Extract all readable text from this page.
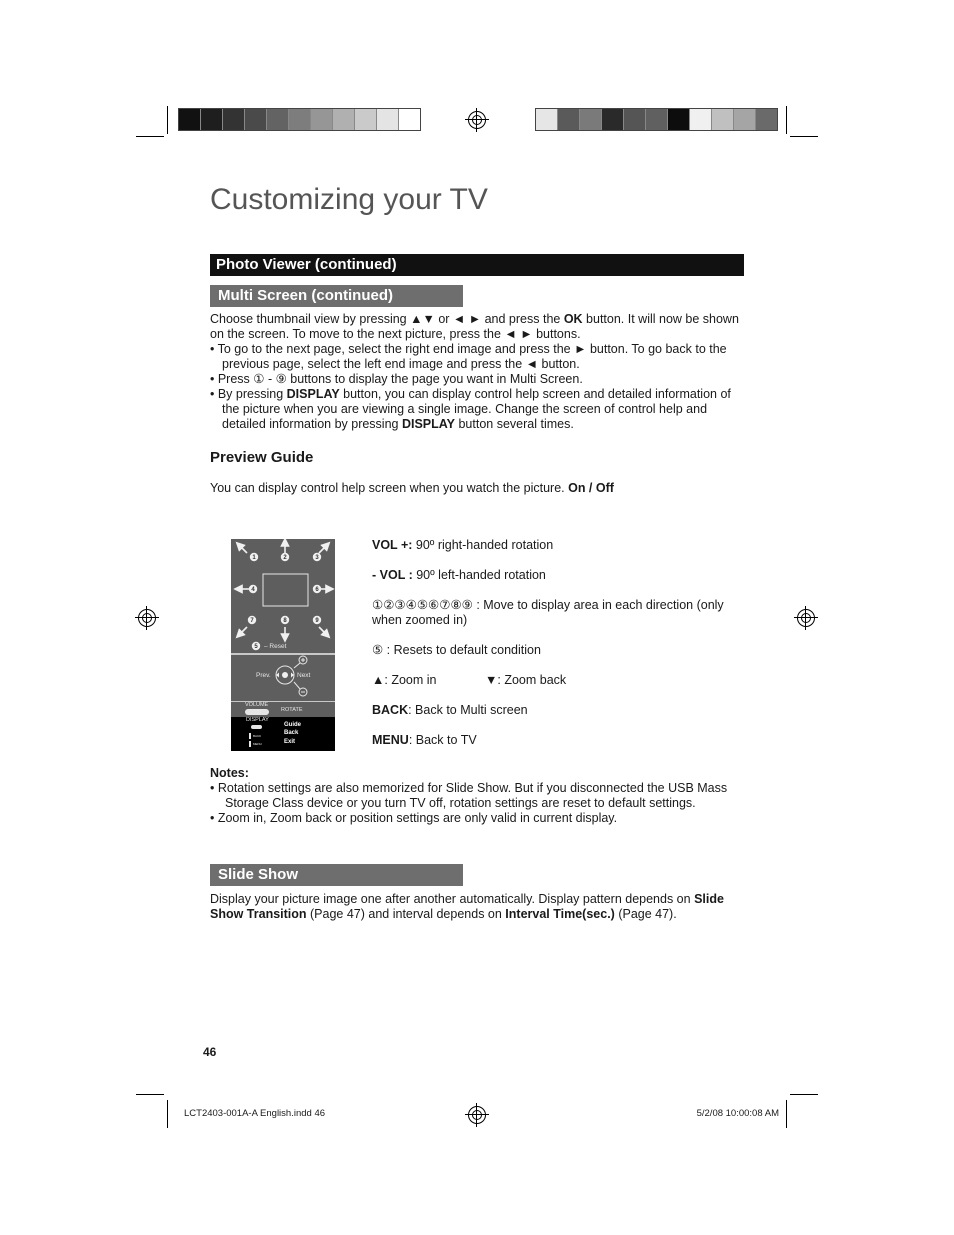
Customizing your TV
Photo Viewer (continued)
Multi Screen (continued)

Choose thumbnail view by pressing ▲▼ or ◄ ► and press the OK button. It will now be shown on the screen. To move to the next picture, press the ◄ ► buttons.

• To go to the next page, select the right end image and press the ► button. To go back to the previous page, select the left end image and press the ◄ button.

• Press ① - ⑨ buttons to display the page you want in Multi Screen.

• By pressing DISPLAY button, you can display control help screen and detailed information of the picture when you are viewing a single image. Change the screen of control help and detailed information by pressing DISPLAY button several times.

Preview Guide
You can display control help screen when you watch the picture. On / Off
1	2	3
4	6
7	8	9
5 – Reset
Prev.	Next
VOLUME
ROTATE
DISPLAY
BACK
MENU
Guide
Back
Exit
VOL +: 90º right-handed rotation
- VOL : 90º left-handed rotation
①②③④⑤⑥⑦⑧⑨ : Move to display area in each direction (only when zoomed in)
⑤ : Resets to default condition
▲: Zoom in	▼: Zoom back
BACK: Back to Multi screen
MENU: Back to TV

Notes:

• Rotation settings are also memorized for Slide Show. But if you disconnected the USB Mass Storage Class device or you turn TV off, rotation settings are reset to default settings.

• Zoom in, Zoom back or position settings are only valid in current display.

Slide Show
Display your picture image one after another automatically. Display pattern depends on Slide Show Transition (Page 47) and interval depends on Interval Time(sec.) (Page 47).
46
LCT2403-001A-A English.indd 46	5/2/08 10:00:08 AM
